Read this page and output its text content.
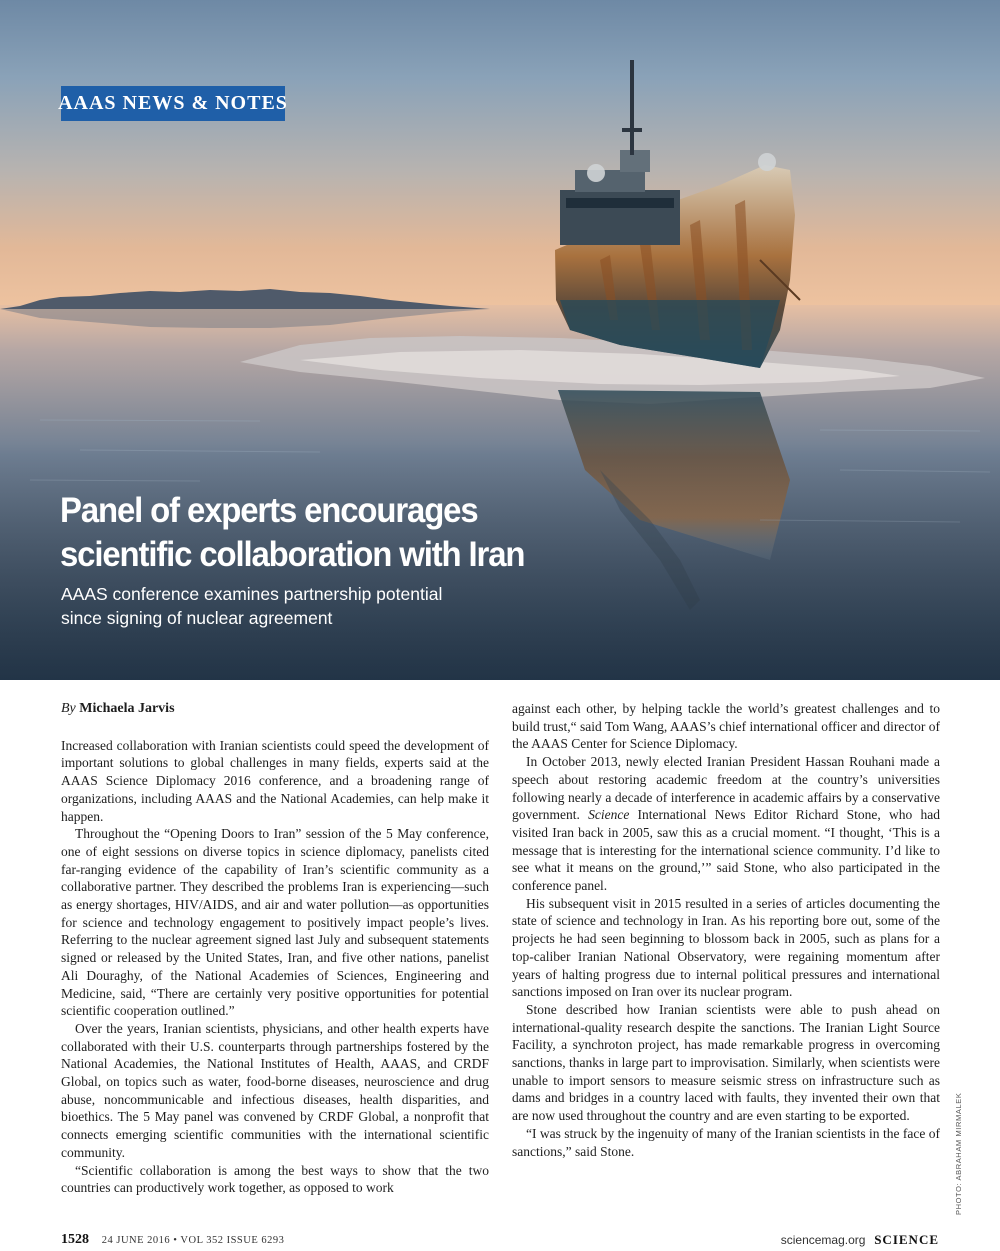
AAAS NEWS & NOTES
Panel of experts encourages
scientific collaboration with Iran
AAAS conference examines partnership potential
since signing of nuclear agreement
By Michaela Jarvis

Increased collaboration with Iranian scientists could speed the development of important solutions to global challenges in many fields, experts said at the AAAS Science Diplomacy 2016 conference, and a broadening range of organizations, including AAAS and the National Academies, can help make it happen.

Throughout the “Opening Doors to Iran” session of the 5 May conference, one of eight sessions on diverse topics in science diplomacy, panelists cited far-ranging evidence of the capability of Iran’s scientific community as a collaborative partner. They described the problems Iran is experiencing—such as energy shortages, HIV/AIDS, and air and water pollution—as opportunities for science and technology engagement to positively impact people’s lives. Referring to the nuclear agreement signed last July and subsequent statements signed or released by the United States, Iran, and five other nations, panelist Ali Douraghy, of the National Academies of Sciences, Engineering and Medicine, said, “There are certainly very positive opportunities for potential scientific cooperation outlined.”

Over the years, Iranian scientists, physicians, and other health experts have collaborated with their U.S. counterparts through partnerships fostered by the National Academies, the National Institutes of Health, AAAS, and CRDF Global, on topics such as water, food-borne diseases, neuroscience and drug abuse, noncommunicable and infectious diseases, health disparities, and bioethics. The 5 May panel was convened by CRDF Global, a nonprofit that connects emerging scientific communities with the international scientific community.

“Scientific collaboration is among the best ways to show that the two countries can productively work together, as opposed to work

against each other, by helping tackle the world’s greatest challenges and to build trust,“ said Tom Wang, AAAS’s chief international officer and director of the AAAS Center for Science Diplomacy.

In October 2013, newly elected Iranian President Hassan Rouhani made a speech about restoring academic freedom at the country’s universities following nearly a decade of interference in academic affairs by a conservative government. Science International News Editor Richard Stone, who had visited Iran back in 2005, saw this as a crucial moment. “I thought, ‘This is a message that is interesting for the international science community. I’d like to see what it means on the ground,’” said Stone, who also participated in the conference panel.

His subsequent visit in 2015 resulted in a series of articles documenting the state of science and technology in Iran. As his reporting bore out, some of the projects he had seen beginning to blossom back in 2005, such as plans for a top-caliber Iranian National Observatory, were regaining momentum after years of halting progress due to internal political pressures and international sanctions imposed on Iran over its nuclear program.

Stone described how Iranian scientists were able to push ahead on international-quality research despite the sanctions. The Iranian Light Source Facility, a synchroton project, has made remarkable progress in overcoming sanctions, thanks in large part to improvisation. Similarly, when scientists were unable to import sensors to measure seismic stress on infrastructure such as dams and bridges in a country laced with faults, they invented their own that are now used throughout the country and are even starting to be exported.

“I was struck by the ingenuity of many of the Iranian scientists in the face of sanctions,” said Stone.	PHOTO: ABRAHAM MIRMALEK
1528 24 JUNE 2016 • VOL 352 ISSUE 6293	sciencemag.org SCIENCE
